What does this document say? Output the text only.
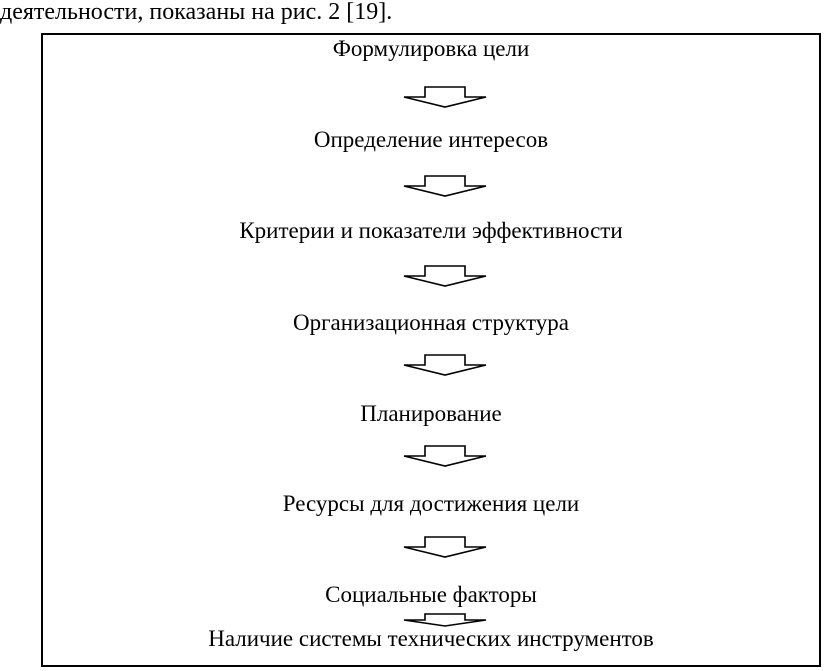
деятельности, показаны на рис. 2 [19].
Формулировка цели
Определение интересов
Критерии и показатели эффективности
Организационная структура
Планирование
Ресурсы для достижения цели
Социальные факторы
Наличие системы технических инструментов
